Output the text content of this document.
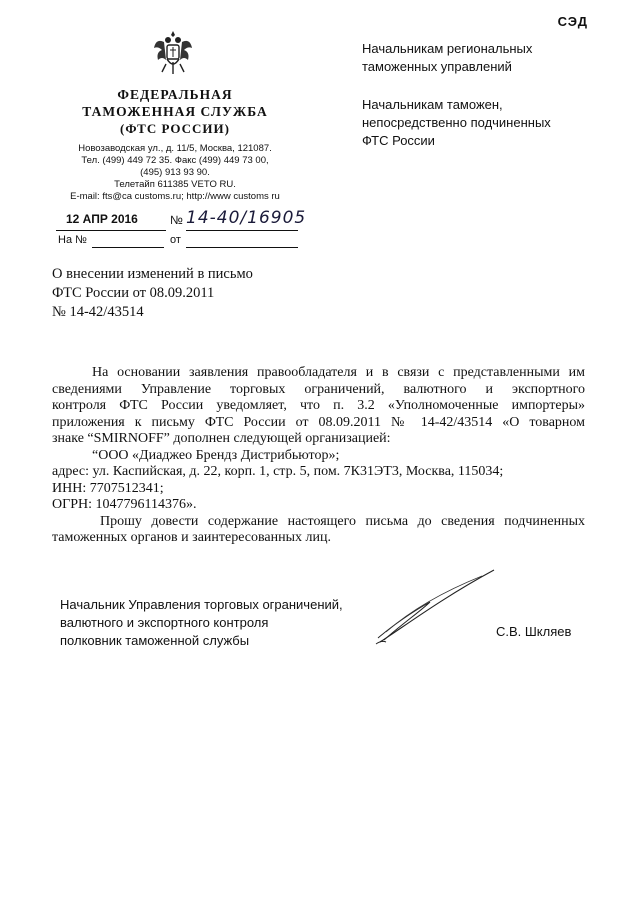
СЭД
ФЕДЕРАЛЬНАЯ
ТАМОЖЕННАЯ СЛУЖБА
(ФТС РОССИИ)
Новозаводская ул., д. 11/5, Москва, 121087.
Тел. (499) 449 72 35. Факс (499) 449 73 00,
(495) 913 93 90.
Телетайп 611385 VETO RU.
E-mail: fts@ca customs.ru; http://www customs ru
Начальникам региональных
таможенных управлений
Начальникам таможен,
непосредственно подчиненных
ФТС России
12 АПР 2016	№ 14-40/16905
На №	от
О внесении изменений в письмо
ФТС России от 08.09.2011
№ 14-42/43514
На основании заявления правообладателя и в связи с представленными им
сведениями Управление торговых ограничений, валютного и экспортного
контроля ФТС России уведомляет, что п. 3.2 «Уполномоченные импортеры»
приложения к письму ФТС России от 08.09.2011 № 14-42/43514 «О товарном
знаке “SMIRNOFF” дополнен следующей организацией:
“ООО «Диаджео Брендз Дистрибьютор»;
адрес: ул. Каспийская, д. 22, корп. 1, стр. 5, пом. 7К31ЭТ3, Москва, 115034;
ИНН: 7707512341;
ОГРН: 1047796114376».
Прошу довести содержание настоящего письма до сведения подчиненных
таможенных органов и заинтересованных лиц.
Начальник Управления торговых ограничений,
валютного и экспортного контроля
полковник таможенной службы
С.В. Шкляев
